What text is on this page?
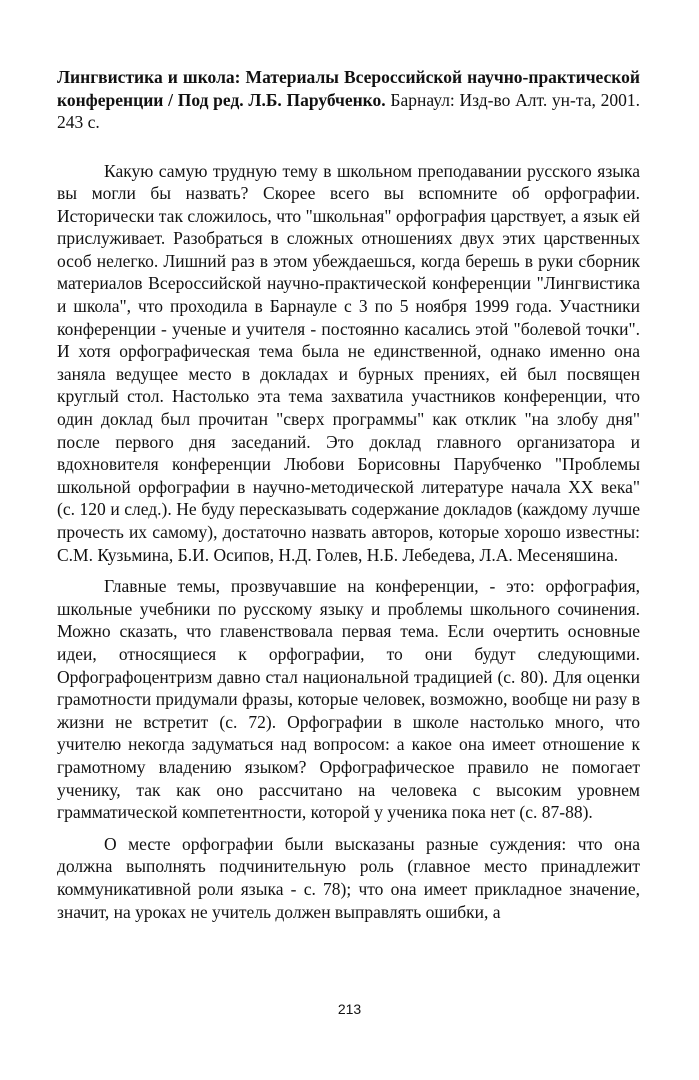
Лингвистика и школа: Материалы Всероссийской научно-практической конференции / Под ред. Л.Б. Парубченко. Барнаул: Изд-во Алт. ун-та, 2001. 243 с.

Какую самую трудную тему в школьном преподавании русского языка вы могли бы назвать? Скорее всего вы вспомните об орфографии. Исторически так сложилось, что "школьная" орфография царствует, а язык ей прислуживает. Разобраться в сложных отношениях двух этих царственных особ нелегко. Лишний раз в этом убеждаешься, когда берешь в руки сборник материалов Всероссийской научно-практической конференции "Лингвистика и школа", что проходила в Барнауле с 3 по 5 ноября 1999 года. Участники конференции - ученые и учителя - постоянно касались этой "болевой точки". И хотя орфографическая тема была не единственной, однако именно она заняла ведущее место в докладах и бурных прениях, ей был посвящен круглый стол. Настолько эта тема захватила участников конференции, что один доклад был прочитан "сверх программы" как отклик "на злобу дня" после первого дня заседаний. Это доклад главного организатора и вдохновителя конференции Любови Борисовны Парубченко "Проблемы школьной орфографии в научно-методической литературе начала XX века" (с. 120 и след.). Не буду пересказывать содержание докладов (каждому лучше прочесть их самому), достаточно назвать авторов, которые хорошо известны: С.М. Кузьмина, Б.И. Осипов, Н.Д. Голев, Н.Б. Лебедева, Л.А. Месеняшина.

Главные темы, прозвучавшие на конференции, - это: орфография, школьные учебники по русскому языку и проблемы школьного сочинения. Можно сказать, что главенствовала первая тема. Если очертить основные идеи, относящиеся к орфографии, то они будут следующими. Орфографоцентризм давно стал национальной традицией (с. 80). Для оценки грамотности придумали фразы, которые человек, возможно, вообще ни разу в жизни не встретит (с. 72). Орфографии в школе настолько много, что учителю некогда задуматься над вопросом: а какое она имеет отношение к грамотному владению языком? Орфографическое правило не помогает ученику, так как оно рассчитано на человека с высоким уровнем грамматической компетентности, которой у ученика пока нет (с. 87-88).

О месте орфографии были высказаны разные суждения: что она должна выполнять подчинительную роль (главное место принадлежит коммуникативной роли языка - с. 78); что она имеет прикладное значение, значит, на уроках не учитель должен выправлять ошибки, а

213
